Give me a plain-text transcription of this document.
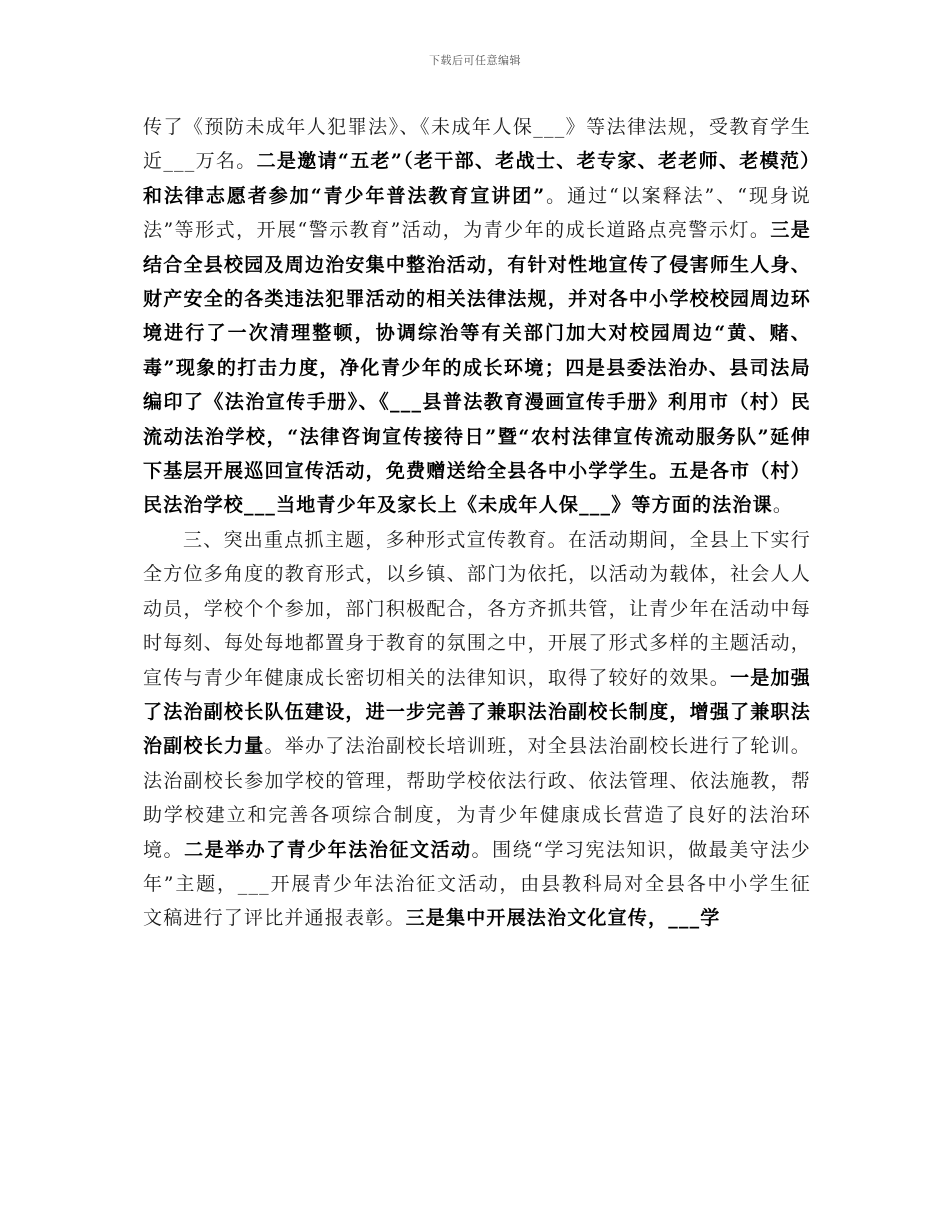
下载后可任意编辑

传了《预防未成年人犯罪法》、《未成年人保___》等法律法规，受教育学生近___万名。二是邀请“五老”（老干部、老战士、老专家、老老师、老模范）和法律志愿者参加“青少年普法教育宣讲团”。通过“以案释法”、“现身说法”等形式，开展“警示教育”活动，为青少年的成长道路点亮警示灯。三是结合全县校园及周边治安集中整治活动，有针对性地宣传了侵害师生人身、财产安全的各类违法犯罪活动的相关法律法规，并对各中小学校校园周边环境进行了一次清理整顿，协调综治等有关部门加大对校园周边“黄、赌、毒”现象的打击力度，净化青少年的成长环境；四是县委法治办、县司法局编印了《法治宣传手册》、《___县普法教育漫画宣传手册》利用市（村）民流动法治学校，“法律咨询宣传接待日”暨“农村法律宣传流动服务队”延伸下基层开展巡回宣传活动，免费赠送给全县各中小学学生。五是各市（村）民法治学校___当地青少年及家长上《未成年人保___》等方面的法治课。

三、突出重点抓主题，多种形式宣传教育。在活动期间，全县上下实行全方位多角度的教育形式，以乡镇、部门为依托，以活动为载体，社会人人动员，学校个个参加，部门积极配合，各方齐抓共管，让青少年在活动中每时每刻、每处每地都置身于教育的氛围之中，开展了形式多样的主题活动，宣传与青少年健康成长密切相关的法律知识，取得了较好的效果。一是加强了法治副校长队伍建设，进一步完善了兼职法治副校长制度，增强了兼职法治副校长力量。举办了法治副校长培训班，对全县法治副校长进行了轮训。法治副校长参加学校的管理，帮助学校依法行政、依法管理、依法施教，帮助学校建立和完善各项综合制度，为青少年健康成长营造了良好的法治环境。二是举办了青少年法治征文活动。围绕“学习宪法知识，做最美守法少年”主题，___开展青少年法治征文活动，由县教科局对全县各中小学生征文稿进行了评比并通报表彰。三是集中开展法治文化宣传，___学
